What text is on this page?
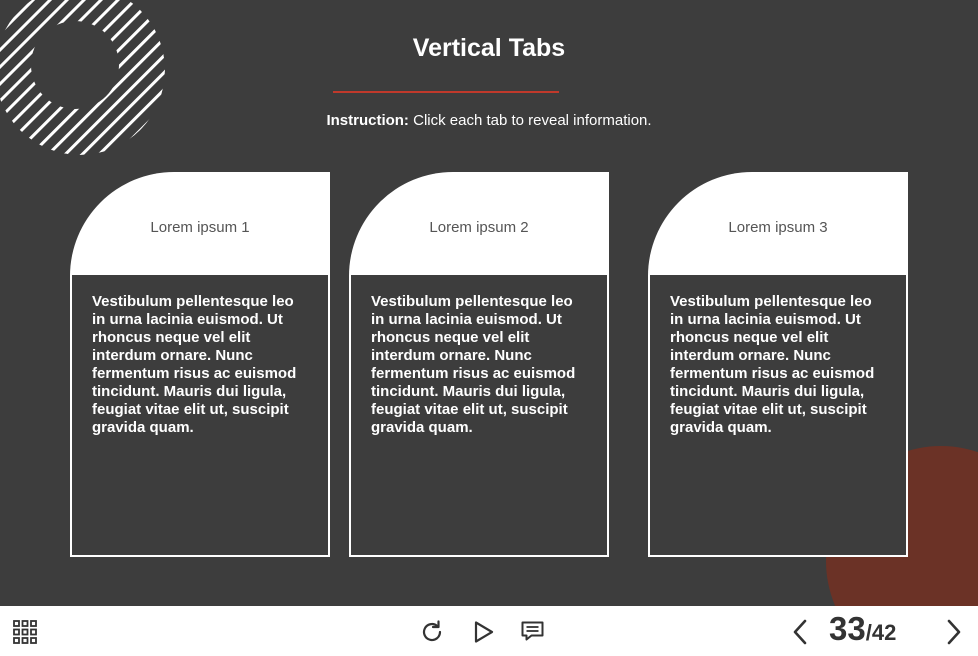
Vertical Tabs
Instruction: Click each tab to reveal information.
Lorem ipsum 1

Vestibulum pellentesque leo in urna lacinia euismod. Ut rhoncus neque vel elit interdum ornare. Nunc fermentum risus ac euismod tincidunt. Mauris dui ligula, feugiat vitae elit ut, suscipit gravida quam.

Lorem ipsum 2

Vestibulum pellentesque leo in urna lacinia euismod. Ut rhoncus neque vel elit interdum ornare. Nunc fermentum risus ac euismod tincidunt. Mauris dui ligula, feugiat vitae elit ut, suscipit gravida quam.

Lorem ipsum 3

Vestibulum pellentesque leo in urna lacinia euismod. Ut rhoncus neque vel elit interdum ornare. Nunc fermentum risus ac euismod tincidunt. Mauris dui ligula, feugiat vitae elit ut, suscipit gravida quam.

33/42
